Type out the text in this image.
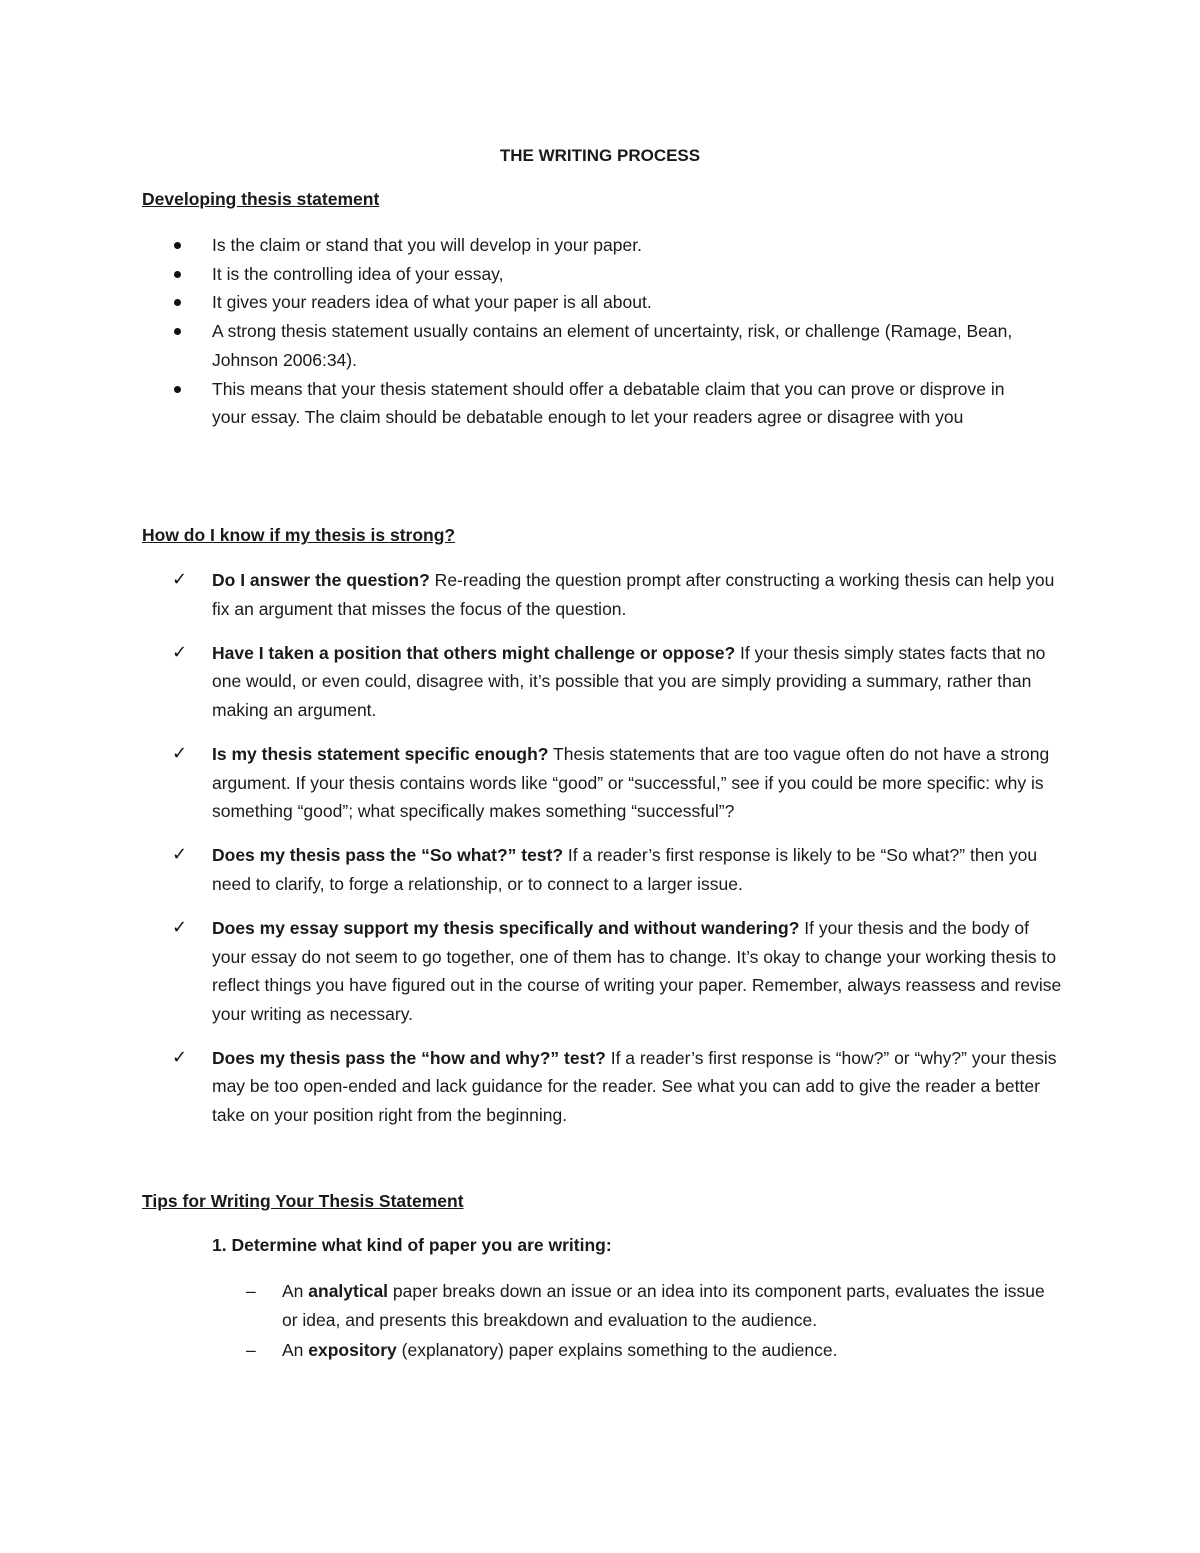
THE WRITING PROCESS
Developing thesis statement
Is the claim or stand that you will develop in your paper.
It is the controlling idea of your essay,
It gives your readers idea of what your paper is all about.
A strong thesis statement usually contains an element of uncertainty, risk, or challenge (Ramage, Bean, Johnson 2006:34).
This means that your thesis statement should offer a debatable claim that you can prove or disprove in your essay. The claim should be debatable enough to let your readers agree or disagree with you
How do I know if my thesis is strong?
✓ Do I answer the question? Re-reading the question prompt after constructing a working thesis can help you fix an argument that misses the focus of the question.
✓ Have I taken a position that others might challenge or oppose? If your thesis simply states facts that no one would, or even could, disagree with, it’s possible that you are simply providing a summary, rather than making an argument.
✓ Is my thesis statement specific enough? Thesis statements that are too vague often do not have a strong argument. If your thesis contains words like “good” or “successful,” see if you could be more specific: why is something “good”; what specifically makes something “successful”?
✓ Does my thesis pass the “So what?” test? If a reader’s first response is likely to be “So what?” then you need to clarify, to forge a relationship, or to connect to a larger issue.
✓ Does my essay support my thesis specifically and without wandering? If your thesis and the body of your essay do not seem to go together, one of them has to change. It’s okay to change your working thesis to reflect things you have figured out in the course of writing your paper. Remember, always reassess and revise your writing as necessary.
✓ Does my thesis pass the “how and why?” test? If a reader’s first response is “how?” or “why?” your thesis may be too open-ended and lack guidance for the reader. See what you can add to give the reader a better take on your position right from the beginning.
Tips for Writing Your Thesis Statement
1. Determine what kind of paper you are writing:
– An analytical paper breaks down an issue or an idea into its component parts, evaluates the issue or idea, and presents this breakdown and evaluation to the audience.
– An expository (explanatory) paper explains something to the audience.
